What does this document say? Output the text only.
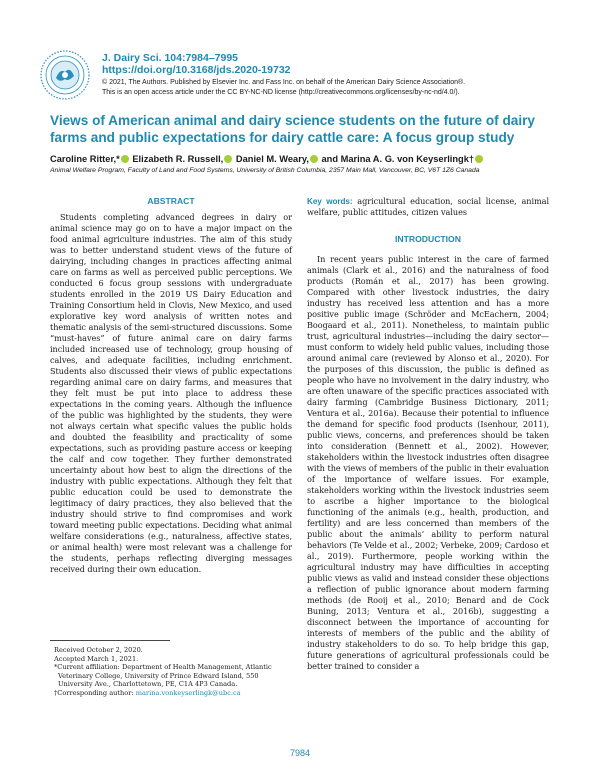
J. Dairy Sci. 104:7984–7995
https://doi.org/10.3168/jds.2020-19732
© 2021, The Authors. Published by Elsevier Inc. and Fass Inc. on behalf of the American Dairy Science Association®.
This is an open access article under the CC BY-NC-ND license (http://creativecommons.org/licenses/by-nc-nd/4.0/).
Views of American animal and dairy science students on the future of dairy farms and public expectations for dairy cattle care: A focus group study
Caroline Ritter,* Elizabeth R. Russell, Daniel M. Weary, and Marina A. G. von Keyserlingk†
Animal Welfare Program, Faculty of Land and Food Systems, University of British Columbia, 2357 Main Mall, Vancouver, BC, V6T 1Z6 Canada
ABSTRACT

Students completing advanced degrees in dairy or animal science may go on to have a major impact on the food animal agriculture industries. The aim of this study was to better understand student views of the future of dairying, including changes in practices affecting animal care on farms as well as perceived public perceptions. We conducted 6 focus group sessions with undergraduate students enrolled in the 2019 US Dairy Education and Training Consortium held in Clovis, New Mexico, and used explorative key word analysis of written notes and thematic analysis of the semi-structured discussions. Some “must-haves” of future animal care on dairy farms included increased use of technology, group housing of calves, and adequate facilities, including enrichment. Students also discussed their views of public expectations regarding animal care on dairy farms, and measures that they felt must be put into place to address these expectations in the coming years. Although the influence of the public was highlighted by the students, they were not always certain what specific values the public holds and doubted the feasibility and practicality of some expectations, such as providing pasture access or keeping the calf and cow together. They further demonstrated uncertainty about how best to align the directions of the industry with public expectations. Although they felt that public education could be used to demonstrate the legitimacy of dairy practices, they also believed that the industry should strive to find compromises and work toward meeting public expectations. Deciding what animal welfare considerations (e.g., naturalness, affective states, or animal health) were most relevant was a challenge for the students, perhaps reflecting diverging messages received during their own education.

Received October 2, 2020.

Accepted March 1, 2021.

*Current affiliation: Department of Health Management, Atlantic Veterinary College, University of Prince Edward Island, 550 University Ave., Charlottetown, PE, C1A 4P3 Canada.

†Corresponding author: marina.vonkeyserlingk@ubc.ca

Key words: agricultural education, social license, animal welfare, public attitudes, citizen values

INTRODUCTION

In recent years public interest in the care of farmed animals (Clark et al., 2016) and the naturalness of food products (Román et al., 2017) has been growing. Compared with other livestock industries, the dairy industry has received less attention and has a more positive public image (Schröder and McEachern, 2004; Boogaard et al., 2011). Nonetheless, to maintain public trust, agricultural industries—including the dairy sector—must conform to widely held public values, including those around animal care (reviewed by Alonso et al., 2020). For the purposes of this discussion, the public is defined as people who have no involvement in the dairy industry, who are often unaware of the specific practices associated with dairy farming (Cambridge Business Dictionary, 2011; Ventura et al., 2016a). Because their potential to influence the demand for specific food products (Isenhour, 2011), public views, concerns, and preferences should be taken into consideration (Bennett et al., 2002). However, stakeholders within the livestock industries often disagree with the views of members of the public in their evaluation of the importance of welfare issues. For example, stakeholders working within the livestock industries seem to ascribe a higher importance to the biological functioning of the animals (e.g., health, production, and fertility) and are less concerned than members of the public about the animals’ ability to perform natural behaviors (Te Velde et al., 2002; Verbeke, 2009; Cardoso et al., 2019). Furthermore, people working within the agricultural industry may have difficulties in accepting public views as valid and instead consider these objections a reflection of public ignorance about modern farming methods (de Rooij et al., 2010; Benard and de Cock Buning, 2013; Ventura et al., 2016b), suggesting a disconnect between the importance of accounting for interests of members of the public and the ability of industry stakeholders to do so. To help bridge this gap, future generations of agricultural professionals could be better trained to consider a

7984
